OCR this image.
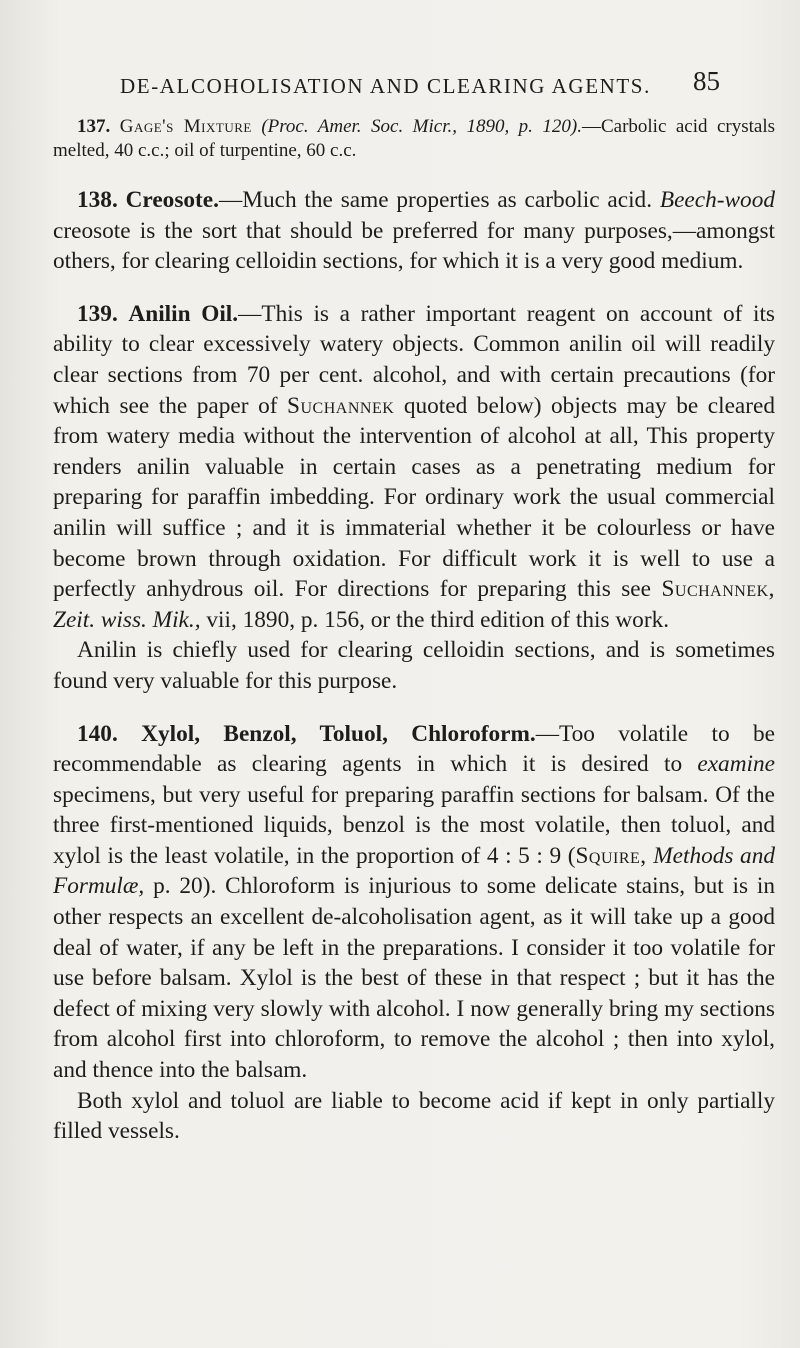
DE-ALCOHOLISATION AND CLEARING AGENTS. 85

137. Gage's Mixture (Proc. Amer. Soc. Micr., 1890, p. 120).—Carbolic acid crystals melted, 40 c.c.; oil of turpentine, 60 c.c.

138. Creosote.—Much the same properties as carbolic acid. Beech-wood creosote is the sort that should be preferred for many purposes,—amongst others, for clearing celloidin sections, for which it is a very good medium.

139. Anilin Oil.—This is a rather important reagent on account of its ability to clear excessively watery objects. Common anilin oil will readily clear sections from 70 per cent. alcohol, and with certain precautions (for which see the paper of Suchannek quoted below) objects may be cleared from watery media without the intervention of alcohol at all, This property renders anilin valuable in certain cases as a penetrating medium for preparing for paraffin imbedding. For ordinary work the usual commercial anilin will suffice ; and it is immaterial whether it be colourless or have become brown through oxidation. For difficult work it is well to use a perfectly anhydrous oil. For directions for preparing this see Suchannek, Zeit. wiss. Mik., vii, 1890, p. 156, or the third edition of this work.

Anilin is chiefly used for clearing celloidin sections, and is sometimes found very valuable for this purpose.

140. Xylol, Benzol, Toluol, Chloroform.—Too volatile to be recommendable as clearing agents in which it is desired to examine specimens, but very useful for preparing paraffin sections for balsam. Of the three first-mentioned liquids, benzol is the most volatile, then toluol, and xylol is the least volatile, in the proportion of 4 : 5 : 9 (Squire, Methods and Formulæ, p. 20). Chloroform is injurious to some delicate stains, but is in other respects an excellent de-alcoholisation agent, as it will take up a good deal of water, if any be left in the preparations. I consider it too volatile for use before balsam. Xylol is the best of these in that respect ; but it has the defect of mixing very slowly with alcohol. I now generally bring my sections from alcohol first into chloroform, to remove the alcohol ; then into xylol, and thence into the balsam.

Both xylol and toluol are liable to become acid if kept in only partially filled vessels.
